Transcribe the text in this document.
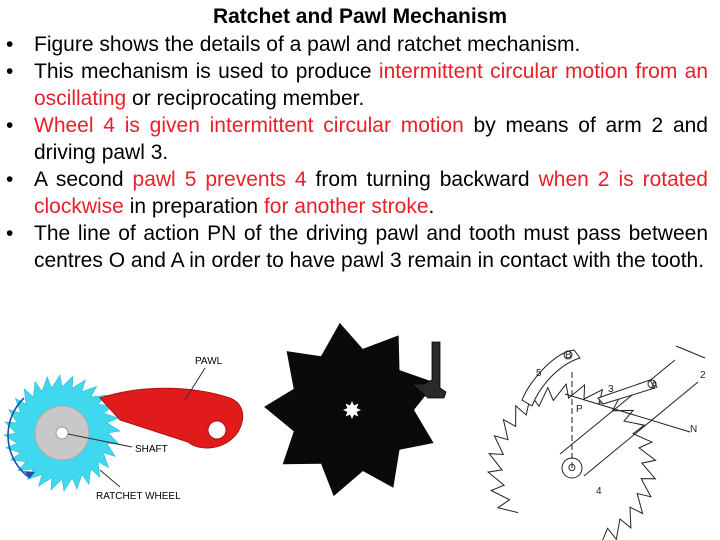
Ratchet and Pawl Mechanism
• Figure shows the details of a pawl and ratchet mechanism.
• This mechanism is used to produce intermittent circular motion from an oscillating or reciprocating member.
• Wheel 4 is given intermittent circular motion by means of arm 2 and driving pawl 3.
• A second pawl 5 prevents 4 from turning backward when 2 is rotated clockwise in preparation for another stroke.
• The line of action PN of the driving pawl and tooth must pass between centres O and A in order to have pawl 3 remain in contact with the tooth.
PAWL
SHAFT
RATCHET WHEEL
B
5
3	A
2
P
N
O
4
